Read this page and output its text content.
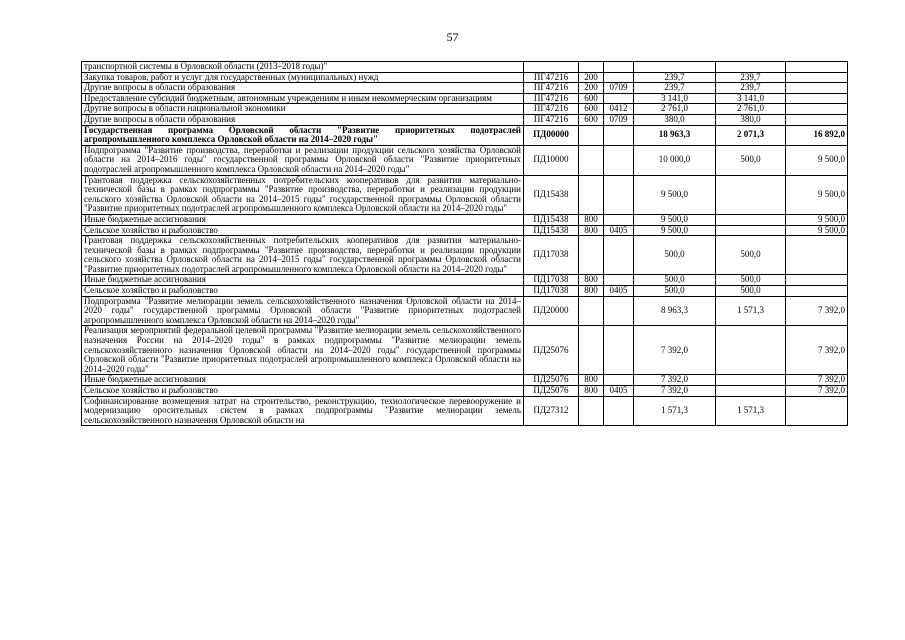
57
транспортной системы в Орловской области (2013–2018 годы)"						
Закупка товаров, работ и услуг для государственных (муниципальных) нужд	ПГ47216	200		239,7	239,7	
Другие вопросы в области образования	ПГ47216	200	0709	239,7	239,7	
Предоставление субсидий бюджетным, автономным учреждениям и иным некоммерческим организациям	ПГ47216	600		3 141,0	3 141,0	
Другие вопросы в области национальной экономики	ПГ47216	600	0412	2 761,0	2 761,0	
Другие вопросы в области образования	ПГ47216	600	0709	380,0	380,0	
Государственная программа Орловской области "Развитие приоритетных подотраслей агропромышленного комплекса Орловской области на 2014–2020 годы"	ПД00000			18 963,3	2 071,3	16 892,0
Подпрограмма "Развитие производства, переработки и реализации продукции сельского хозяйства Орловской области на 2014–2016 годы" государственной программы Орловской области "Развитие приоритетных подотраслей агропромышленного комплекса Орловской области на 2014–2020 годы"	ПД10000			10 000,0	500,0	9 500,0
Грантовая поддержка сельскохозяйственных потребительских кооперативов для развития материально-технической базы в рамках подпрограммы "Развитие производства, переработки и реализации продукции сельского хозяйства Орловской области на 2014–2015 годы" государственной программы Орловской области "Развитие приоритетных подотраслей агропромышленного комплекса Орловской области на 2014–2020 годы"	ПД15438			9 500,0		9 500,0
Иные бюджетные ассигнования	ПД15438	800		9 500,0		9 500,0
Сельское хозяйство и рыболовство	ПД15438	800	0405	9 500,0		9 500,0
Грантовая поддержка сельскохозяйственных потребительских кооперативов для развития материально-технической базы в рамках подпрограммы "Развитие производства, переработки и реализации продукции сельского хозяйства Орловской области на 2014–2015 годы" государственной программы Орловской области "Развитие приоритетных подотраслей агропромышленного комплекса Орловской области на 2014–2020 годы"	ПД17038			500,0	500,0	
Иные бюджетные ассигнования	ПД17038	800		500,0	500,0	
Сельское хозяйство и рыболовство	ПД17038	800	0405	500,0	500,0	
Подпрограмма "Развитие мелиорации земель сельскохозяйственного назначения Орловской области на 2014–2020 годы" государственной программы Орловской области "Развитие приоритетных подотраслей агропромышленного комплекса Орловской области на 2014–2020 годы"	ПД20000			8 963,3	1 571,3	7 392,0
Реализация мероприятий федеральной целевой программы "Развитие мелиорации земель сельскохозяйственного назначения России на 2014–2020 годы" в рамках подпрограммы "Развитие мелиорации земель сельскохозяйственного назначения Орловской области на 2014–2020 годы" государственной программы Орловской области "Развитие приоритетных подотраслей агропромышленного комплекса Орловской области на 2014–2020 годы"	ПД25076			7 392,0		7 392,0
Иные бюджетные ассигнования	ПД25076	800		7 392,0		7 392,0
Сельское хозяйство и рыболовство	ПД25076	800	0405	7 392,0		7 392,0
Софинансирование возмещения затрат на строительство, реконструкцию, технологическое перевооружение и модернизацию оросительных систем в рамках подпрограммы "Развитие мелиорации земель сельскохозяйственного назначения Орловской области на	ПД27312			1 571,3	1 571,3	
